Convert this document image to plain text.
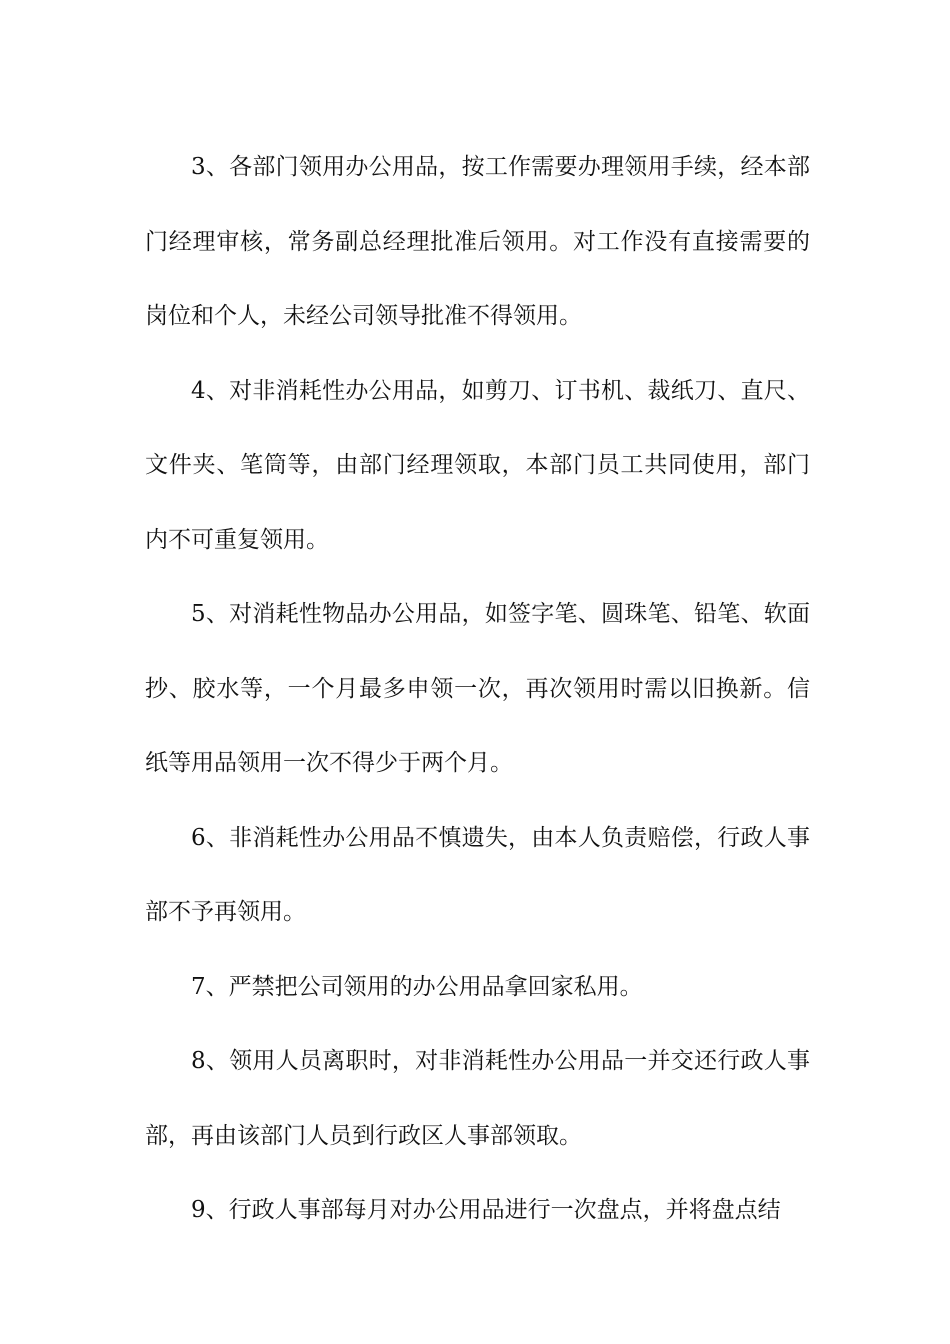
3、各部门领用办公用品，按工作需要办理领用手续，经本部门经理审核，常务副总经理批准后领用。对工作没有直接需要的岗位和个人，未经公司领导批准不得领用。

4、对非消耗性办公用品，如剪刀、订书机、裁纸刀、直尺、文件夹、笔筒等，由部门经理领取，本部门员工共同使用，部门内不可重复领用。

5、对消耗性物品办公用品，如签字笔、圆珠笔、铅笔、软面抄、胶水等，一个月最多申领一次，再次领用时需以旧换新。信纸等用品领用一次不得少于两个月。

6、非消耗性办公用品不慎遗失，由本人负责赔偿，行政人事部不予再领用。

7、严禁把公司领用的办公用品拿回家私用。

8、领用人员离职时，对非消耗性办公用品一并交还行政人事部，再由该部门人员到行政区人事部领取。

9、行政人事部每月对办公用品进行一次盘点，并将盘点结
